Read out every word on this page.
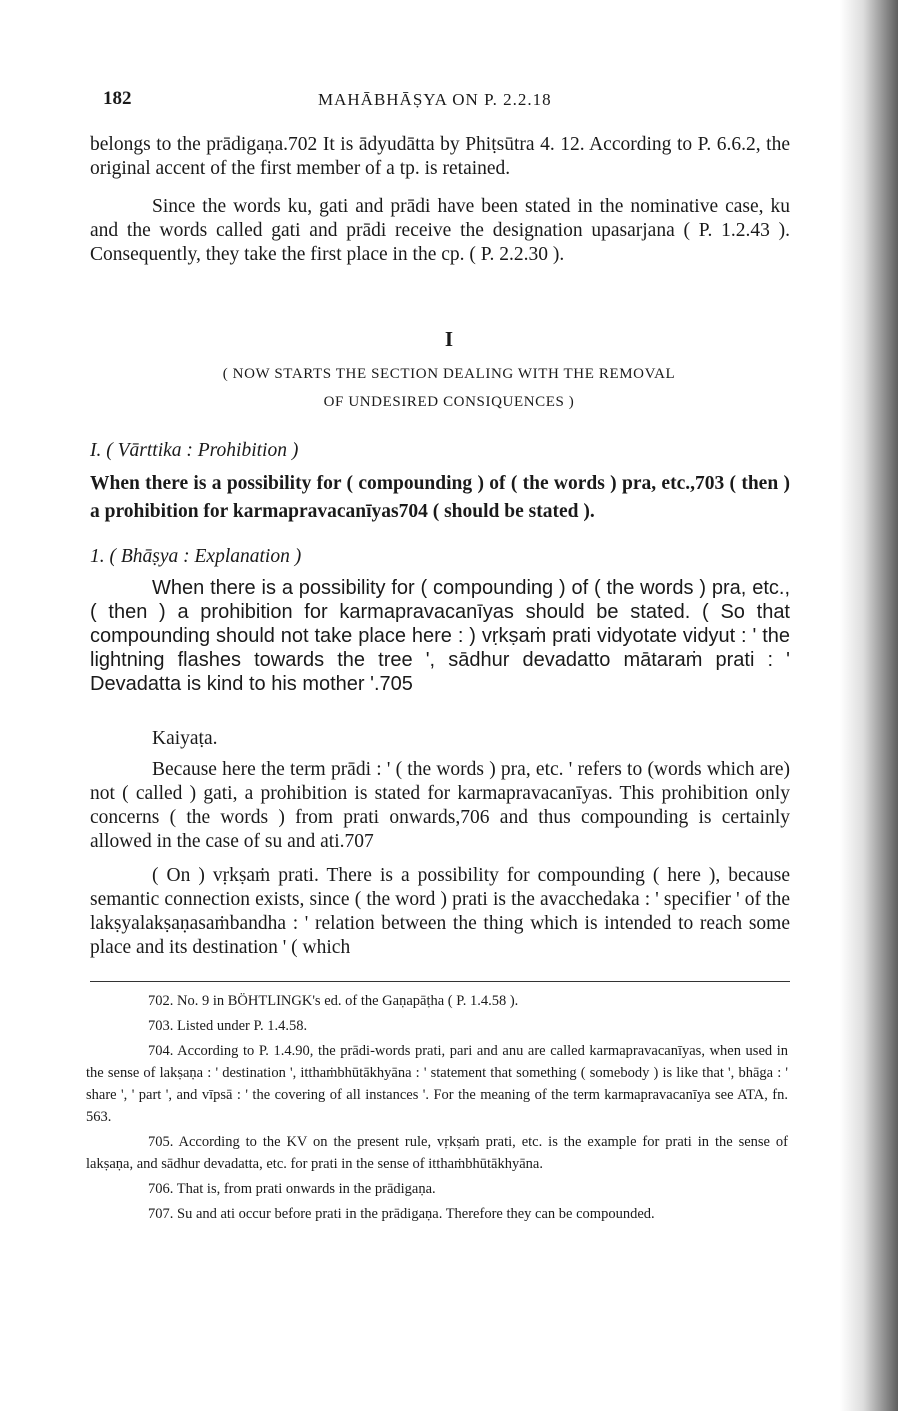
182	MAHĀBHĀṢYA ON P. 2.2.18

belongs to the prādigaṇa.702 It is ādyudātta by Phiṭsūtra 4. 12. According to P. 6.6.2, the original accent of the first member of a tp. is retained.

Since the words ku, gati and prādi have been stated in the nominative case, ku and the words called gati and prādi receive the designation upasarjana ( P. 1.2.43 ). Consequently, they take the first place in the cp. ( P. 2.2.30 ).

I
( NOW STARTS THE SECTION DEALING WITH THE REMOVAL
OF UNDESIRED CONSIQUENCES )
I. ( Vārttika : Prohibition )
When there is a possibility for ( compounding ) of ( the words ) pra, etc.,703 ( then ) a prohibition for karmapravacanīyas704 ( should be stated ).
1. ( Bhāṣya : Explanation )
When there is a possibility for ( compounding ) of ( the words ) pra, etc., ( then ) a prohibition for karmapravacanīyas should be stated. ( So that compounding should not take place here : ) vṛkṣaṁ prati vidyotate vidyut : ' the lightning flashes towards the tree ', sādhur devadatto mātaraṁ prati : ' Devadatta is kind to his mother '.705
Kaiyaṭa.

Because here the term prādi : ' ( the words ) pra, etc. ' refers to (words which are) not ( called ) gati, a prohibition is stated for karmapravacanīyas. This prohibition only concerns ( the words ) from prati onwards,706 and thus compounding is certainly allowed in the case of su and ati.707

( On ) vṛkṣaṁ prati. There is a possibility for compounding ( here ), because semantic connection exists, since ( the word ) prati is the avacchedaka : ' specifier ' of the lakṣyalakṣaṇasaṁbandha : ' relation between the thing which is intended to reach some place and its destination ' ( which

702. No. 9 in BÖHTLINGK's ed. of the Gaṇapāṭha ( P. 1.4.58 ).

703. Listed under P. 1.4.58.

704. According to P. 1.4.90, the prādi-words prati, pari and anu are called karmapravacanīyas, when used in the sense of lakṣaṇa : ' destination ', itthaṁbhūtākhyāna : ' statement that something ( somebody ) is like that ', bhāga : ' share ', ' part ', and vīpsā : ' the covering of all instances '. For the meaning of the term karmapravacanīya see ATA, fn. 563.

705. According to the KV on the present rule, vṛkṣaṁ prati, etc. is the example for prati in the sense of lakṣaṇa, and sādhur devadatta, etc. for prati in the sense of itthaṁbhūtākhyāna.

706. That is, from prati onwards in the prādigaṇa.

707. Su and ati occur before prati in the prādigaṇa. Therefore they can be compounded.
